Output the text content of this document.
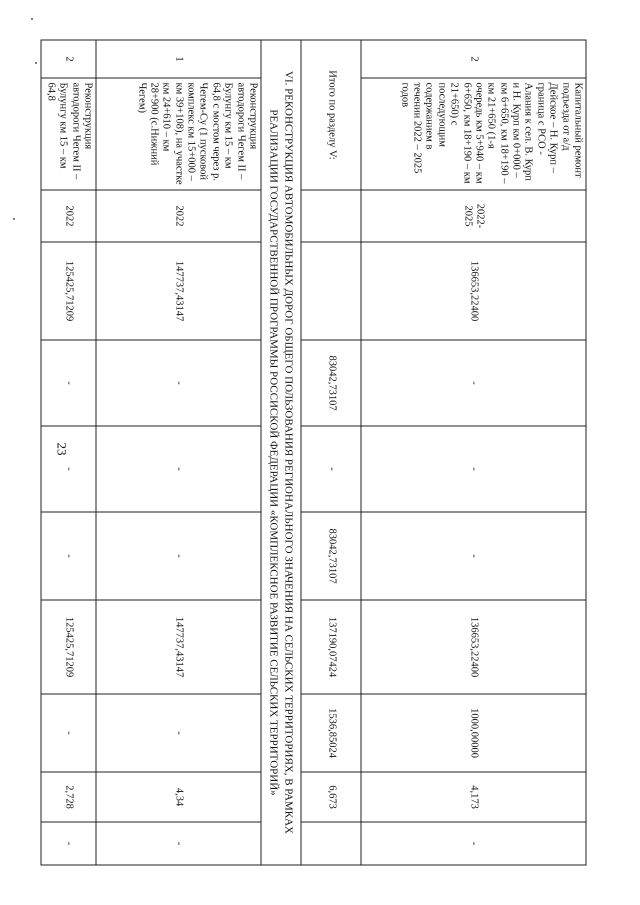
23
2	Капитальный ремонт подъезда от а/д Дейское – Н. Курп – граница с РСО - Алания к сел. В. Курп и Н. Курп км 0+000 – км 6+650, км 18+190 – км 21+650 (1-я очередь км 5+940 – км 6+650, км 18+190 – км 21+650) с последующим содержанием в течении 2022 – 2025 годов	2022-2025	136653,22400	-	-	-	136653,22400	1000,00000	4,173	-	
Итого по разделу V:				83042,73107	-	83042,73107	137190,07424	1536,85024	6,673		
VI. РЕКОНСТРУКЦИЯ АВТОМОБИЛЬНЫХ ДОРОГ ОБЩЕГО ПОЛЬЗОВАНИЯ РЕГИОНАЛЬНОГО ЗНАЧЕНИЯ НА СЕЛЬСКИХ ТЕРРИТОРИЯХ, В РАМКАХ РЕАЛИЗАЦИИ ГОСУДАРСТВЕННОЙ ПРОГРАММЫ РОССИСКОЙ ФЕДЕРАЦИИ «КОМПЛЕКСНОЕ РАЗВИТИЕ СЕЛЬСКИХ ТЕРРИТОРИЙ»											
1	Реконструкция автодороги Чегем II – Булунгу км 15 – км 64,8 с мостом через р. Чегем-Су (1 пусковой комплекс км 15+000 – км 39+108), на участке км 24+610 – км 28+900 (с.Нижний Чегем)	2022	147737,43147	-	-	-	147737,43147	-	4,34	-	
2	Реконструкция автодороги Чегем II – Булунгу км 15 – км 64,8	2022	125425,71209	-	-	-	125425,71209	-	2,728	-	
